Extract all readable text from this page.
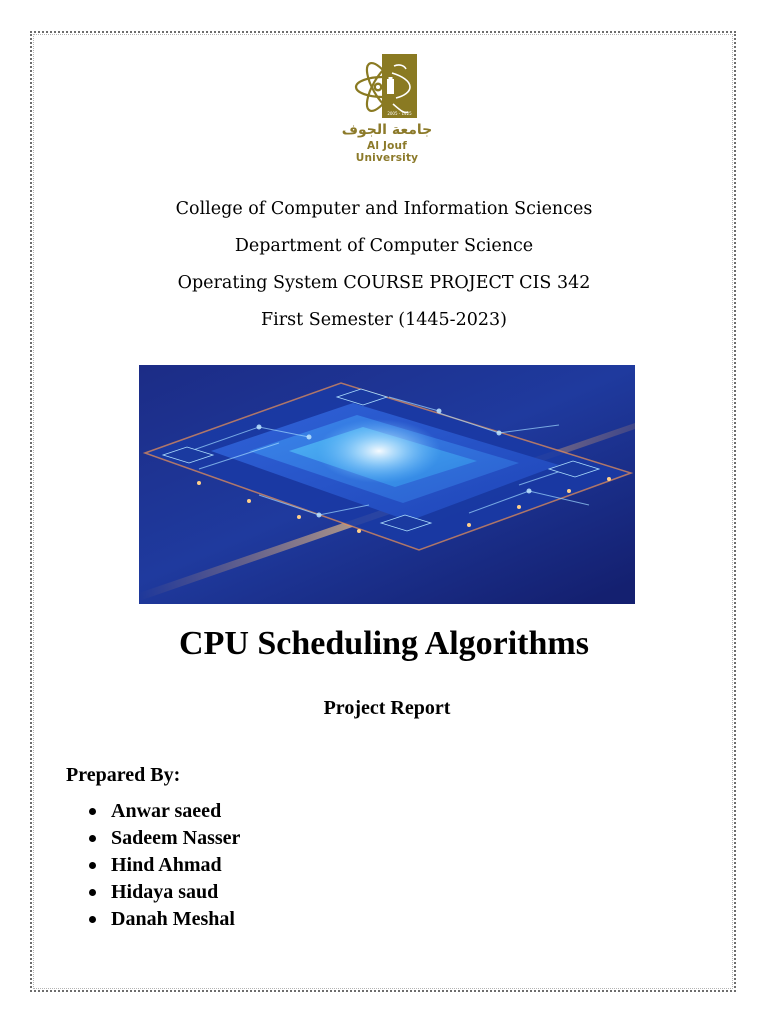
2005 - 1425
جامعة الجوف
Al Jouf University
College of Computer and Information Sciences
Department of Computer Science
Operating System COURSE PROJECT CIS 342
First Semester (1445-2023)
CPU Scheduling Algorithms
Project Report
Prepared By:
Anwar saeed
Sadeem Nasser
Hind Ahmad
Hidaya saud
Danah Meshal
